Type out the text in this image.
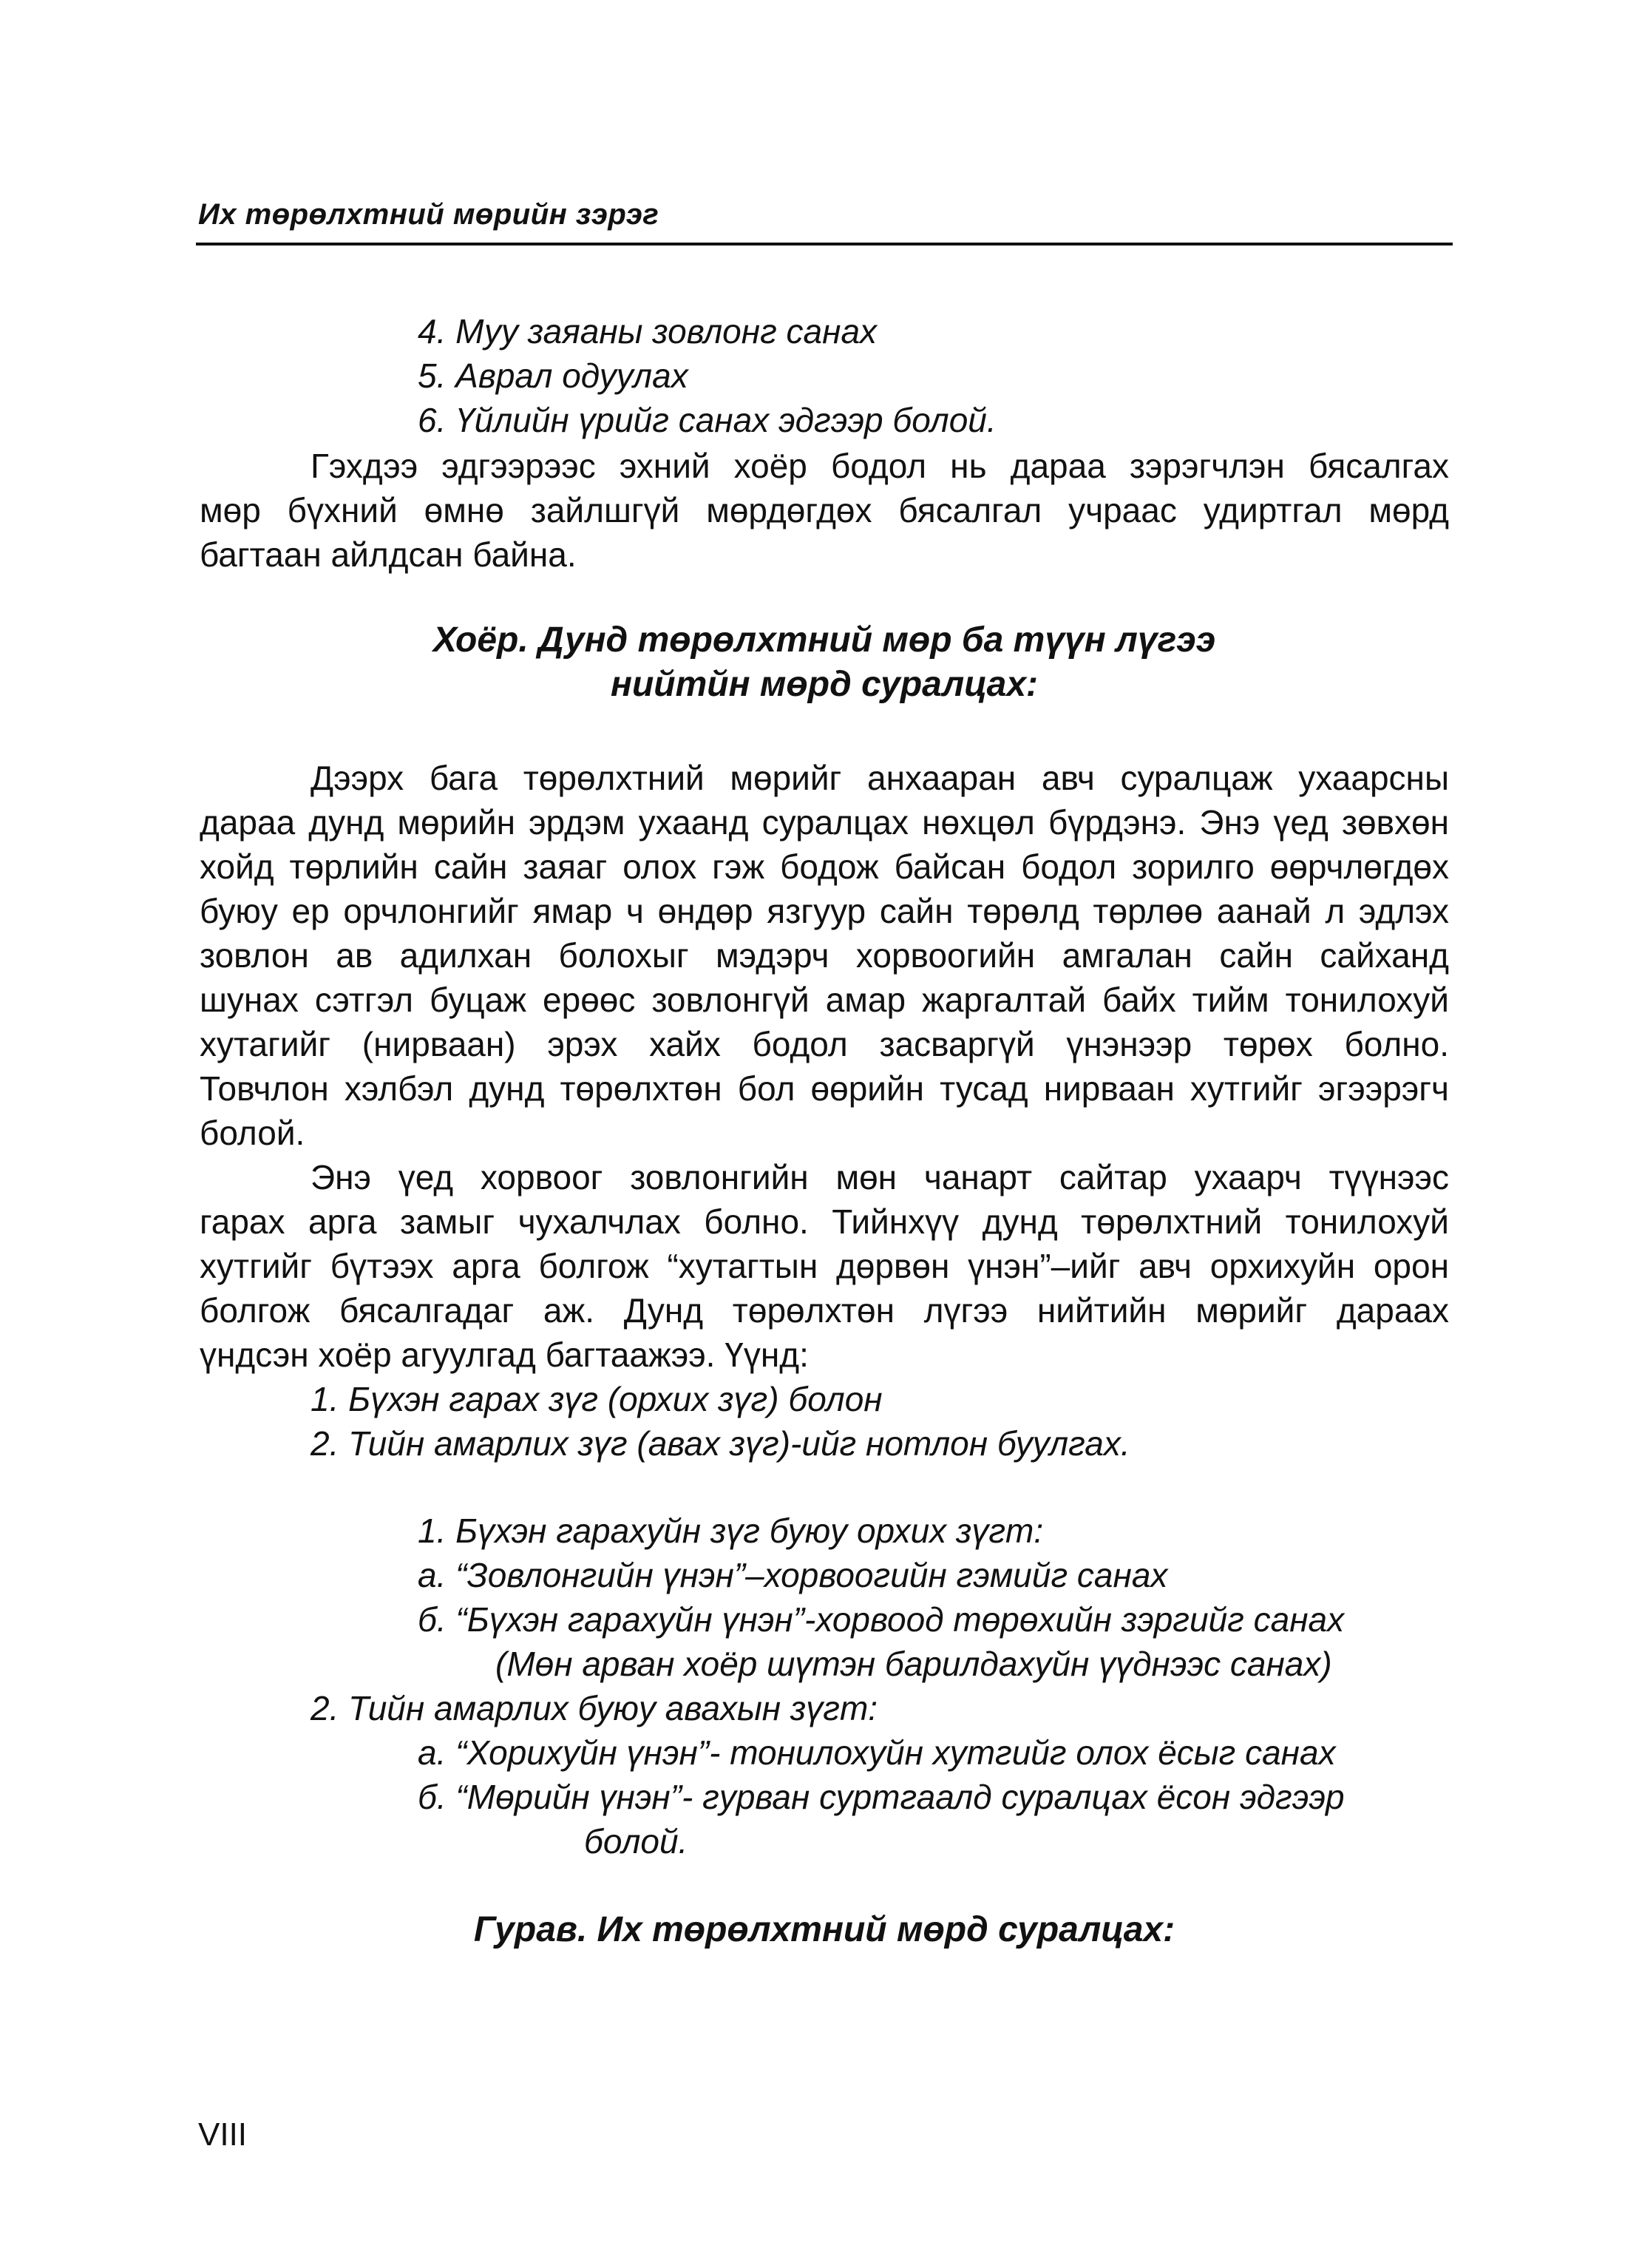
Их төрөлхтний мөрийн зэрэг
4. Муу заяаны зовлонг санах
5. Аврал одуулах
6. Үйлийн үрийг санах эдгээр болой.
Гэхдээ эдгээрээс эхний хоёр бодол нь дараа зэрэгчлэн бясалгах
мөр бүхний өмнө зайлшгүй мөрдөгдөх бясалгал учраас удиртгал мөрд
багтаан айлдсан байна.
Хоёр. Дунд төрөлхтний мөр ба түүн лүгээ
нийтйн мөрд суралцах:
Дээрх бага төрөлхтний мөрийг анхааран авч суралцаж ухаарсны
дараа дунд мөрийн эрдэм ухаанд суралцах нөхцөл бүрдэнэ. Энэ үед зөвхөн
хойд төрлийн сайн заяаг олох гэж бодож байсан бодол зорилго өөрчлөгдөх
буюу ер орчлонгийг ямар ч өндөр язгуур сайн төрөлд төрлөө аанай л эдлэх
зовлон ав адилхан болохыг мэдэрч хорвоогийн амгалан сайн сайханд
шунах сэтгэл буцаж ерөөс зовлонгүй амар жаргалтай байх тийм тонилохуй
хутагийг (нирваан) эрэх хайх бодол засваргүй үнэнээр төрөх болно.
Товчлон хэлбэл дунд төрөлхтөн бол өөрийн тусад нирваан хутгийг эгээрэгч
болой.
Энэ үед хорвоог зовлонгийн мөн чанарт сайтар ухаарч түүнээс
гарах арга замыг чухалчлах болно. Тийнхүү дунд төрөлхтний тонилохуй
хутгийг бүтээх арга болгож “хутагтын дөрвөн үнэн”–ийг авч орхихуйн орон
болгож бясалгадаг аж. Дунд төрөлхтөн лүгээ нийтийн мөрийг дараах
үндсэн хоёр агуулгад багтаажээ. Үүнд:
1. Бүхэн гарах зүг (орхих зүг) болон
2. Тийн амарлих зүг (авах зүг)-ийг нотлон буулгах.
1. Бүхэн гарахуйн зүг буюу орхих зүгт:
а. “Зовлонгийн үнэн”–хорвоогийн гэмийг санах
б. “Бүхэн гарахуйн үнэн”-хорвоод төрөхийн зэргийг санах
(Мөн арван хоёр шүтэн барилдахуйн үүднээс санах)
2. Тийн амарлих буюу авахын зүгт:
а. “Хорихуйн үнэн”- тонилохуйн хутгийг олох ёсыг санах
б. “Мөрийн үнэн”- гурван суртгаалд суралцах ёсон эдгээр
болой.
Гурав. Их төрөлхтний мөрд суралцах:
VIII
